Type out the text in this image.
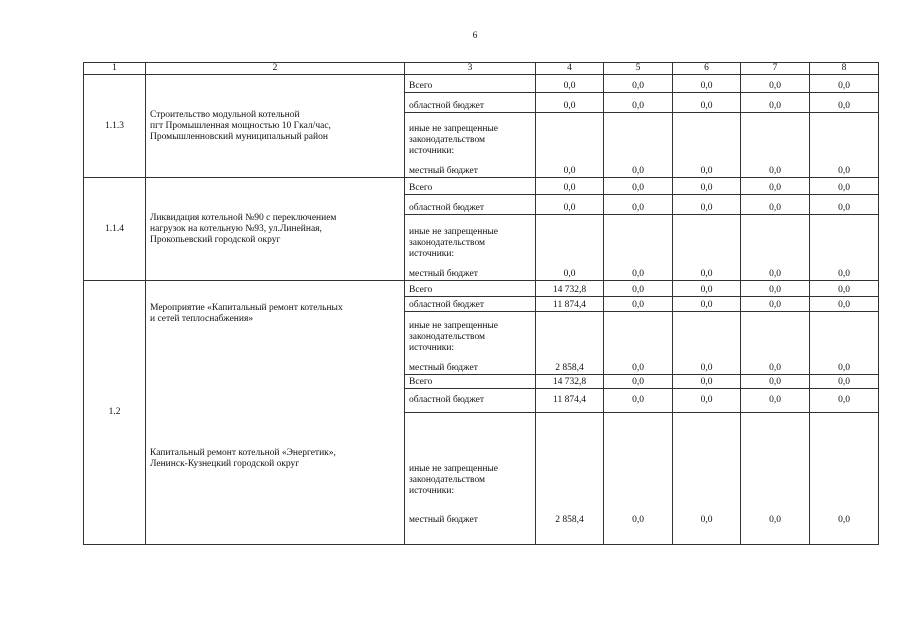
6
1	2	3	4	5	6	7	8
1.1.3	Строительство модульной котельной
пгт Промышленная мощностью 10 Гкал/час,
Промышленновский муниципальный район	Всего	0,0	0,0	0,0	0,0	0,0
		областной бюджет	0,0	0,0	0,0	0,0	0,0

		иные не запрещенные
законодательством
источники:					

		местный бюджет	0,0	0,0	0,0	0,0	0,0
1.1.4	Ликвидация котельной №90 с переключением
нагрузок на котельную №93, ул.Линейная,
Прокопьевский городской округ	Всего	0,0	0,0	0,0	0,0	0,0
		областной бюджет	0,0	0,0	0,0	0,0	0,0

		иные не запрещенные
законодательством
источники:					

		местный бюджет	0,0	0,0	0,0	0,0	0,0
1.2	Мероприятие «Капитальный ремонт котельных
и сетей теплоснабжения»	Всего	14 732,8	0,0	0,0	0,0	0,0
		областной бюджет	11 874,4	0,0	0,0	0,0	0,0

		иные не запрещенные
законодательством
источники:					

		местный бюджет	2 858,4	0,0	0,0	0,0	0,0

	Капитальный ремонт котельной «Энергетик»,
Ленинск-Кузнецкий городской округ	Всего	14 732,8	0,0	0,0	0,0	0,0
		областной бюджет	11 874,4	0,0	0,0	0,0	0,0

		иные не запрещенные
законодательством
источники:					

		местный бюджет	2 858,4	0,0	0,0	0,0	0,0
